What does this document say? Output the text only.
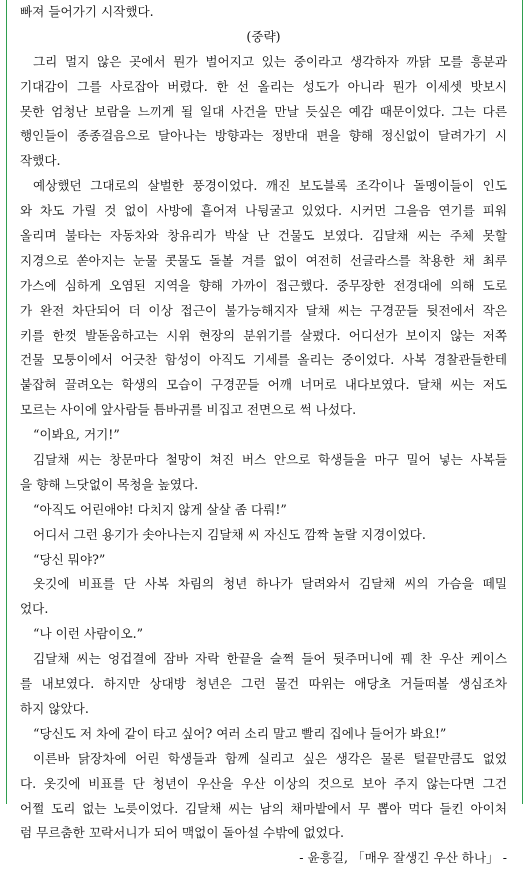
빠져 들어가기 시작했다.
(중략)
그리 멀지 않은 곳에서 뭔가 벌어지고 있는 중이라고 생각하자 까닭 모를 흥분과
기대감이 그를 사로잡아 버렸다. 한 선 올리는 성도가 아니라 뭔가 이세셋 밧보시
못한 엄청난 보람을 느끼게 될 일대 사건을 만날 듯싶은 예감 때문이었다. 그는 다른
행인들이 종종걸음으로 달아나는 방향과는 정반대 편을 향해 정신없이 달려가기 시
작했다.
예상했던 그대로의 살벌한 풍경이었다. 깨진 보도블록 조각이나 돌멩이들이 인도
와 차도 가릴 것 없이 사방에 흩어져 나뒹굴고 있었다. 시커먼 그을음 연기를 피워
올리며 불타는 자동차와 창유리가 박살 난 건물도 보였다. 김달채 씨는 주체 못할
지경으로 쏟아지는 눈물 콧물도 돌볼 겨를 없이 여전히 선글라스를 착용한 채 최루
가스에 심하게 오염된 지역을 향해 가까이 접근했다. 중무장한 전경대에 의해 도로
가 완전 차단되어 더 이상 접근이 불가능해지자 달채 씨는 구경꾼들 뒷전에서 작은
키를 한껏 발돋움하고는 시위 현장의 분위기를 살폈다. 어디선가 보이지 않는 저쪽
건물 모퉁이에서 어긋찬 함성이 아직도 기세를 올리는 중이었다. 사복 경찰관들한테
붙잡혀 끌려오는 학생의 모습이 구경꾼들 어깨 너머로 내다보였다. 달채 씨는 저도
모르는 사이에 앞사람들 틈바귀를 비집고 전면으로 썩 나섰다.
“이봐요, 거기!”
김달채 씨는 창문마다 철망이 쳐진 버스 안으로 학생들을 마구 밀어 넣는 사복들
을 향해 느닷없이 목청을 높였다.
“아직도 어린애야! 다치지 않게 살살 좀 다뤄!”
어디서 그런 용기가 솟아나는지 김달채 씨 자신도 깜짝 놀랄 지경이었다.
“당신 뭐야?”
옷깃에 비표를 단 사복 차림의 청년 하나가 달려와서 김달채 씨의 가슴을 떼밀
었다.
“나 이런 사람이오.”
김달채 씨는 엉겁결에 잠바 자락 한끝을 슬쩍 들어 뒷주머니에 꿰 찬 우산 케이스
를 내보였다. 하지만 상대방 청년은 그런 물건 따위는 애당초 거들떠볼 생심조차
하지 않았다.
“당신도 저 차에 같이 타고 싶어? 여러 소리 말고 빨리 집에나 들어가 봐요!”
이른바 닭장차에 어린 학생들과 함께 실리고 싶은 생각은 물론 털끝만큼도 없었
다. 옷깃에 비표를 단 청년이 우산을 우산 이상의 것으로 보아 주지 않는다면 그건
어쩔 도리 없는 노릇이었다. 김달채 씨는 남의 채마밭에서 무 뽑아 먹다 들킨 아이처
럼 무르춤한 꼬락서니가 되어 맥없이 돌아설 수밖에 없었다.
- 윤흥길, 「매우 잘생긴 우산 하나」 -
